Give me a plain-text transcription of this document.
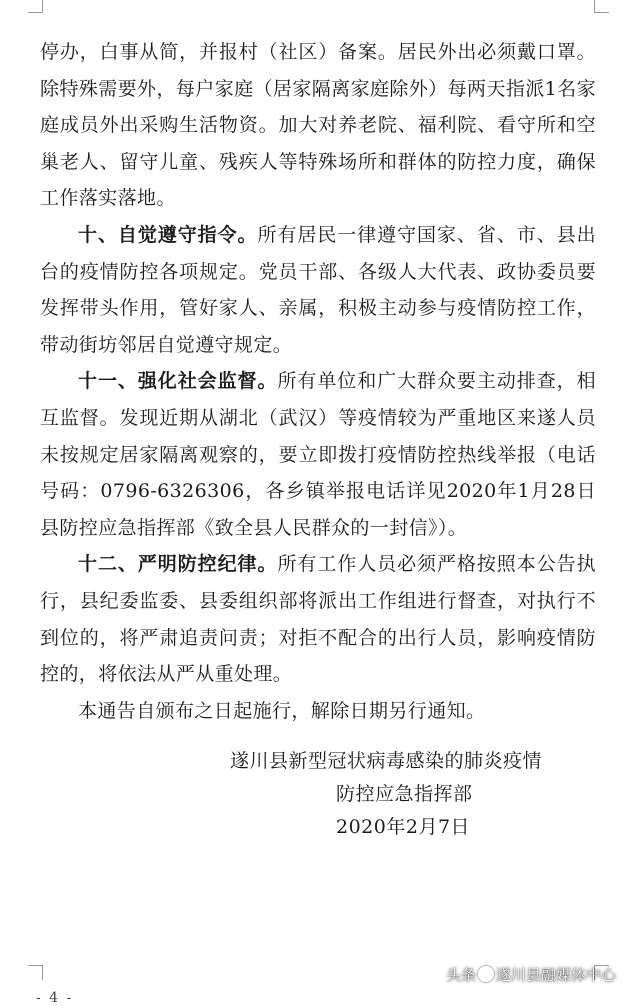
停办，白事从简，并报村（社区）备案。居民外出必须戴口罩。除特殊需要外，每户家庭（居家隔离家庭除外）每两天指派1名家庭成员外出采购生活物资。加大对养老院、福利院、看守所和空巢老人、留守儿童、残疾人等特殊场所和群体的防控力度，确保工作落实落地。

十、自觉遵守指令。所有居民一律遵守国家、省、市、县出台的疫情防控各项规定。党员干部、各级人大代表、政协委员要发挥带头作用，管好家人、亲属，积极主动参与疫情防控工作，带动街坊邻居自觉遵守规定。

十一、强化社会监督。所有单位和广大群众要主动排查，相互监督。发现近期从湖北（武汉）等疫情较为严重地区来遂人员未按规定居家隔离观察的，要立即拨打疫情防控热线举报（电话号码：0796-6326306，各乡镇举报电话详见2020年1月28日县防控应急指挥部《致全县人民群众的一封信》）。

十二、严明防控纪律。所有工作人员必须严格按照本公告执行，县纪委监委、县委组织部将派出工作组进行督查，对执行不到位的，将严肃追责问责；对拒不配合的出行人员，影响疫情防控的，将依法从严从重处理。

本通告自颁布之日起施行，解除日期另行通知。

遂川县新型冠状病毒感染的肺炎疫情
防控应急指挥部
2020年2月7日
- 4 -
头条 遂川县融媒体中心
